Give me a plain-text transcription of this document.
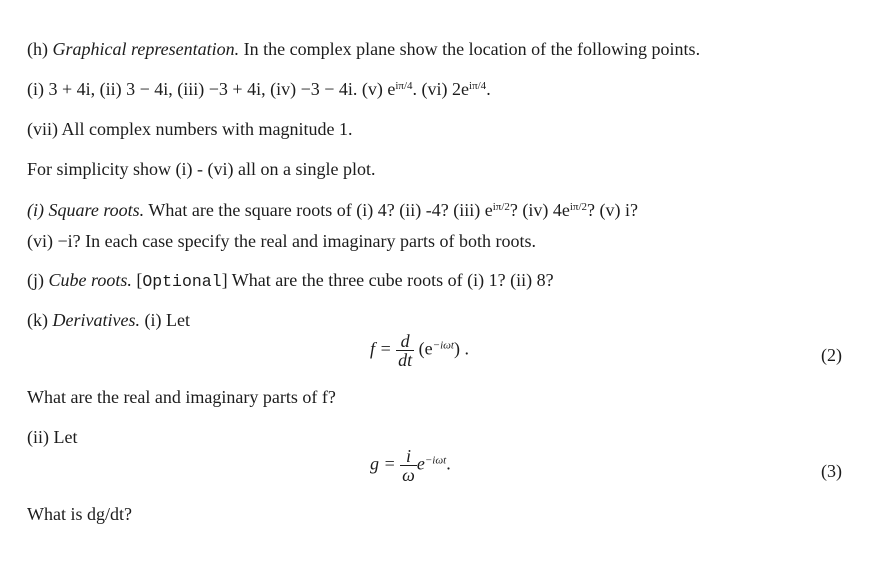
(h) Graphical representation. In the complex plane show the location of the following points.
(i) 3 + 4i, (ii) 3 − 4i, (iii) −3 + 4i, (iv) −3 − 4i. (v) $e^{i\pi/4}$. (vi) $2e^{i\pi/4}$.
(vii) All complex numbers with magnitude 1.
For simplicity show (i) - (vi) all on a single plot.
(i) Square roots. What are the square roots of (i) 4? (ii) -4? (iii) $e^{i\pi/2}$? (iv) $4e^{i\pi/2}$? (v) i?
(vi) −i? In each case specify the real and imaginary parts of both roots.
(j) Cube roots. [Optional] What are the three cube roots of (i) 1? (ii) 8?
(k) Derivatives. (i) Let
$f = \frac{d}{dt} (e^{-i\omega t})$ .	(2)
What are the real and imaginary parts of f?
(ii) Let
$g = \frac{i}{\omega} e^{-i\omega t}$.	(3)
What is dg/dt?
